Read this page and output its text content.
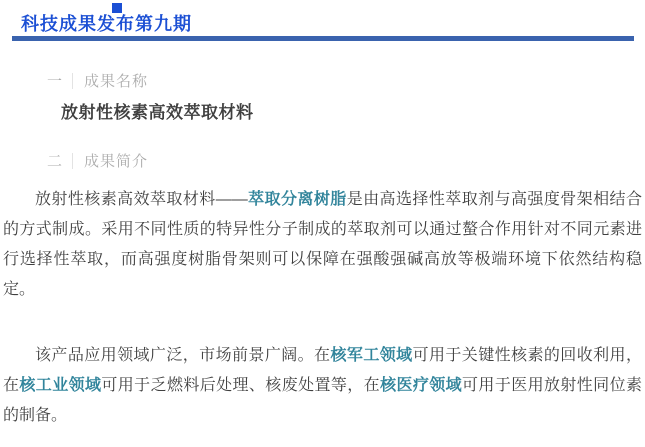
科技成果发布第九期
一 成果名称
放射性核素高效萃取材料
二 成果简介

放射性核素高效萃取材料——萃取分离树脂是由高选择性萃取剂与高强度骨架相结合的方式制成。采用不同性质的特异性分子制成的萃取剂可以通过螯合作用针对不同元素进行选择性萃取，而高强度树脂骨架则可以保障在强酸强碱高放等极端环境下依然结构稳定。

该产品应用领域广泛，市场前景广阔。在核军工领域可用于关键性核素的回收利用，在核工业领域可用于乏燃料后处理、核废处置等，在核医疗领域可用于医用放射性同位素的制备。
